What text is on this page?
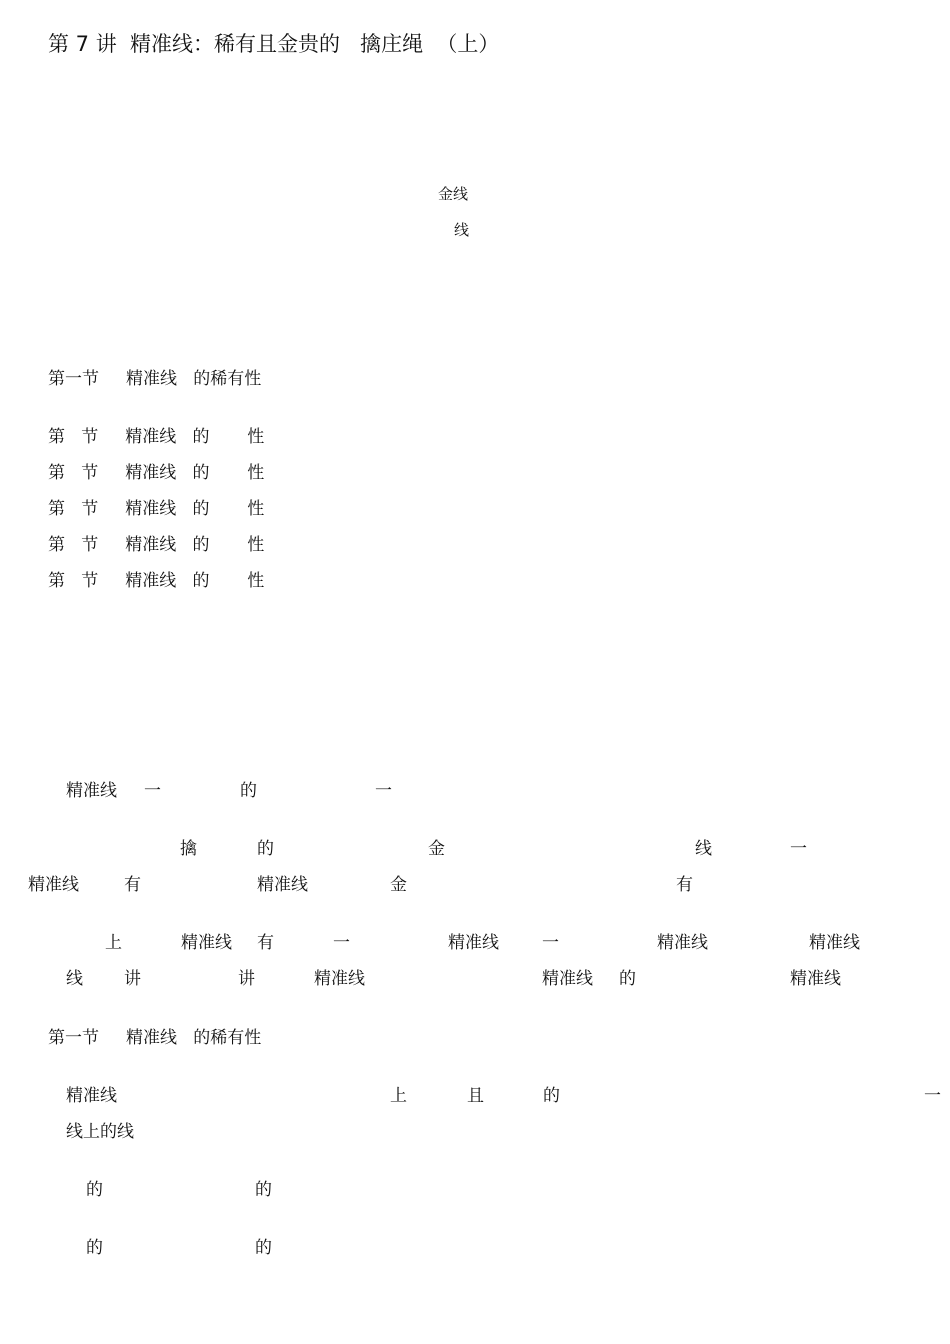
第 7 讲  精准线：稀有且金贵的   擒庄绳  （上）
金线
线
第一节     精准线   的稀有性
第   节     精准线   的       性
第   节     精准线   的       性
第   节     精准线   的       性
第   节     精准线   的       性
第   节     精准线   的       性
精准线 一	的	一
擒	的	金	线	一
精准线	有	精准线	金	有
上	精准线 有	一	精准线	一	精准线	精准线
线 讲	讲	精准线	精准线 的	精准线
第一节     精准线   的稀有性
精准线	上	且	的	一
线上的线
的	的
的	的
